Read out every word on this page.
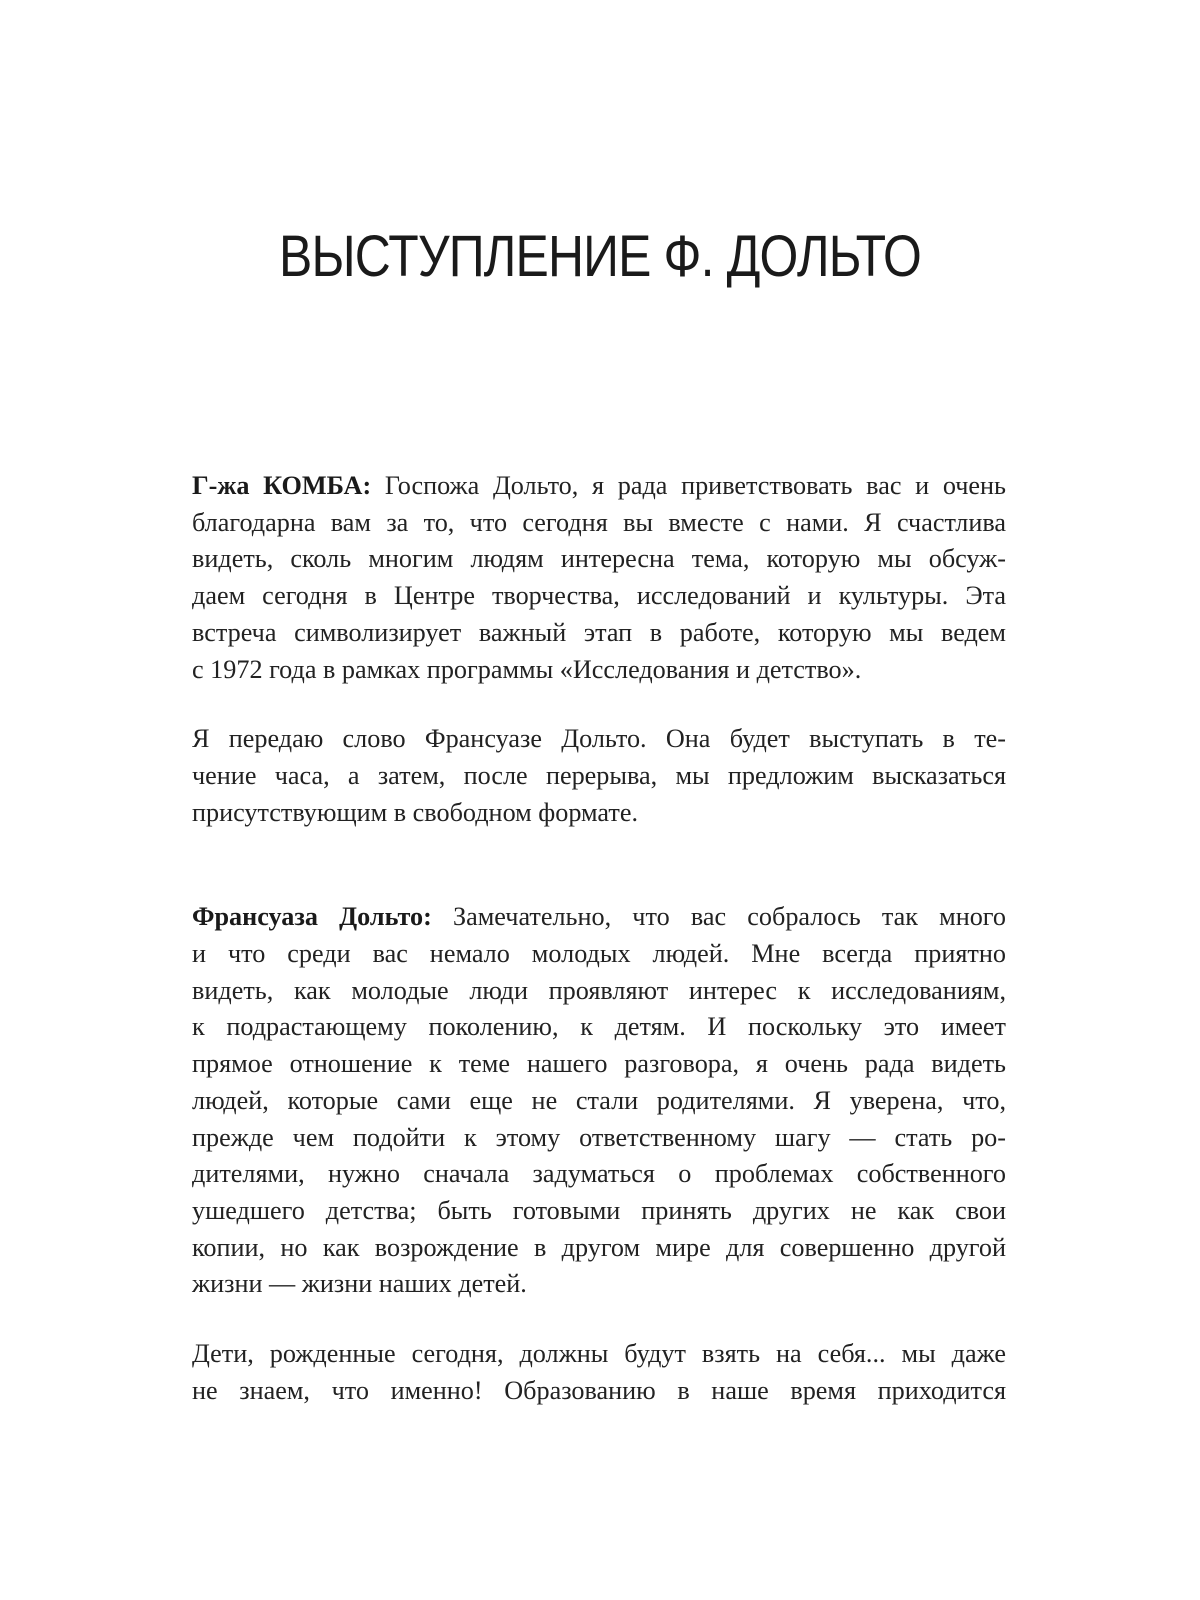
ВЫСТУПЛЕНИЕ Ф. ДОЛЬТО
Г-жа КОМБА: Госпожа Дольто, я рада приветствовать вас и очень
благодарна вам за то, что сегодня вы вместе с нами. Я счастлива
видеть, сколь многим людям интересна тема, которую мы обсуж-
даем сегодня в Центре творчества, исследований и культуры. Эта
встреча символизирует важный этап в работе, которую мы ведем
с 1972 года в рамках программы «Исследования и детство».
Я передаю слово Франсуазе Дольто. Она будет выступать в те-
чение часа, а затем, после перерыва, мы предложим высказаться
присутствующим в свободном формате.
Франсуаза Дольто: Замечательно, что вас собралось так много
и что среди вас немало молодых людей. Мне всегда приятно
видеть, как молодые люди проявляют интерес к исследованиям,
к подрастающему поколению, к детям. И поскольку это имеет
прямое отношение к теме нашего разговора, я очень рада видеть
людей, которые сами еще не стали родителями. Я уверена, что,
прежде чем подойти к этому ответственному шагу — стать ро-
дителями, нужно сначала задуматься о проблемах собственного
ушедшего детства; быть готовыми принять других не как свои
копии, но как возрождение в другом мире для совершенно другой
жизни — жизни наших детей.
Дети, рожденные сегодня, должны будут взять на себя... мы даже
не знаем, что именно! Образованию в наше время приходится
